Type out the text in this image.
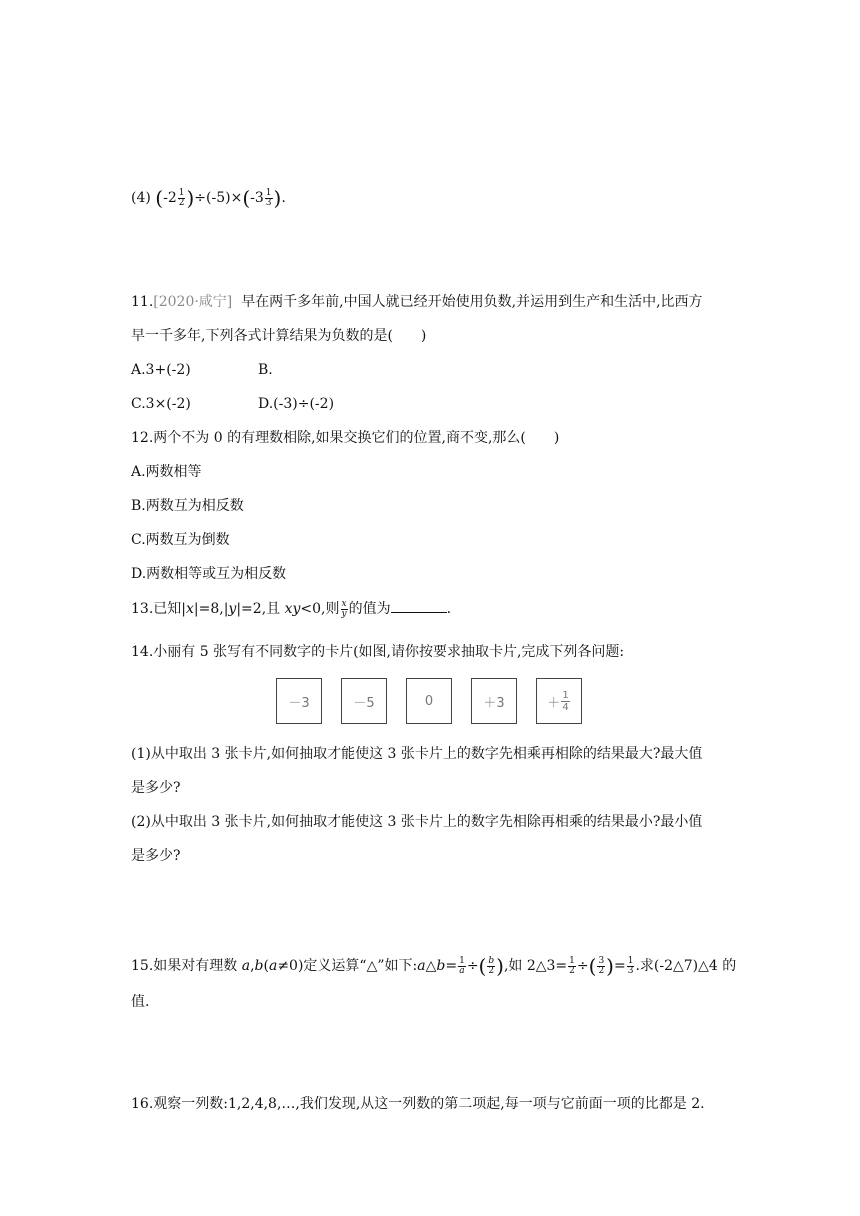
(4) $(-2 \frac{1}{2} )\div(-5)\times(-3 \frac{1}{3}$ ).
11.[2020·咸宁] 早在两千多年前,中国人就已经开始使用负数,并运用到生产和生活中,比西方
早一千多年,下列各式计算结果为负数的是(　　)
A.3+(-2)	B.
C.3×(-2)	D.(-3)÷(-2)
12.两个不为 0 的有理数相除,如果交换它们的位置,商不变,那么(　　)
A.两数相等
B.两数互为相反数
C.两数互为倒数
D.两数相等或互为相反数
13.已知|x|=8,|y|=2,且 xy<0,则 $\frac{x}{y}$ 的值为	.
14.小丽有 5 张写有不同数字的卡片(如图,请你按要求抽取卡片,完成下列各问题:
－3	－5	0	＋3	＋ $\frac{1}{4}$
(1)从中取出 3 张卡片,如何抽取才能使这 3 张卡片上的数字先相乘再相除的结果最大?最大值
是多少?
(2)从中取出 3 张卡片,如何抽取才能使这 3 张卡片上的数字先相除再相乘的结果最小?最小值
是多少?
15.如果对有理数 a,b(a≠0)定义运算“△”如下:a△b= $\frac{1}{a}$ ÷( $\frac{b}{2}$ ),如 2△3= $\frac{1}{2}$ ÷( $\frac{3}{2}$ )= $\frac{1}{3}$ .求(-2△7)△4 的
值.
16.观察一列数:1,2,4,8,…,我们发现,从这一列数的第二项起,每一项与它前面一项的比都是 2.
